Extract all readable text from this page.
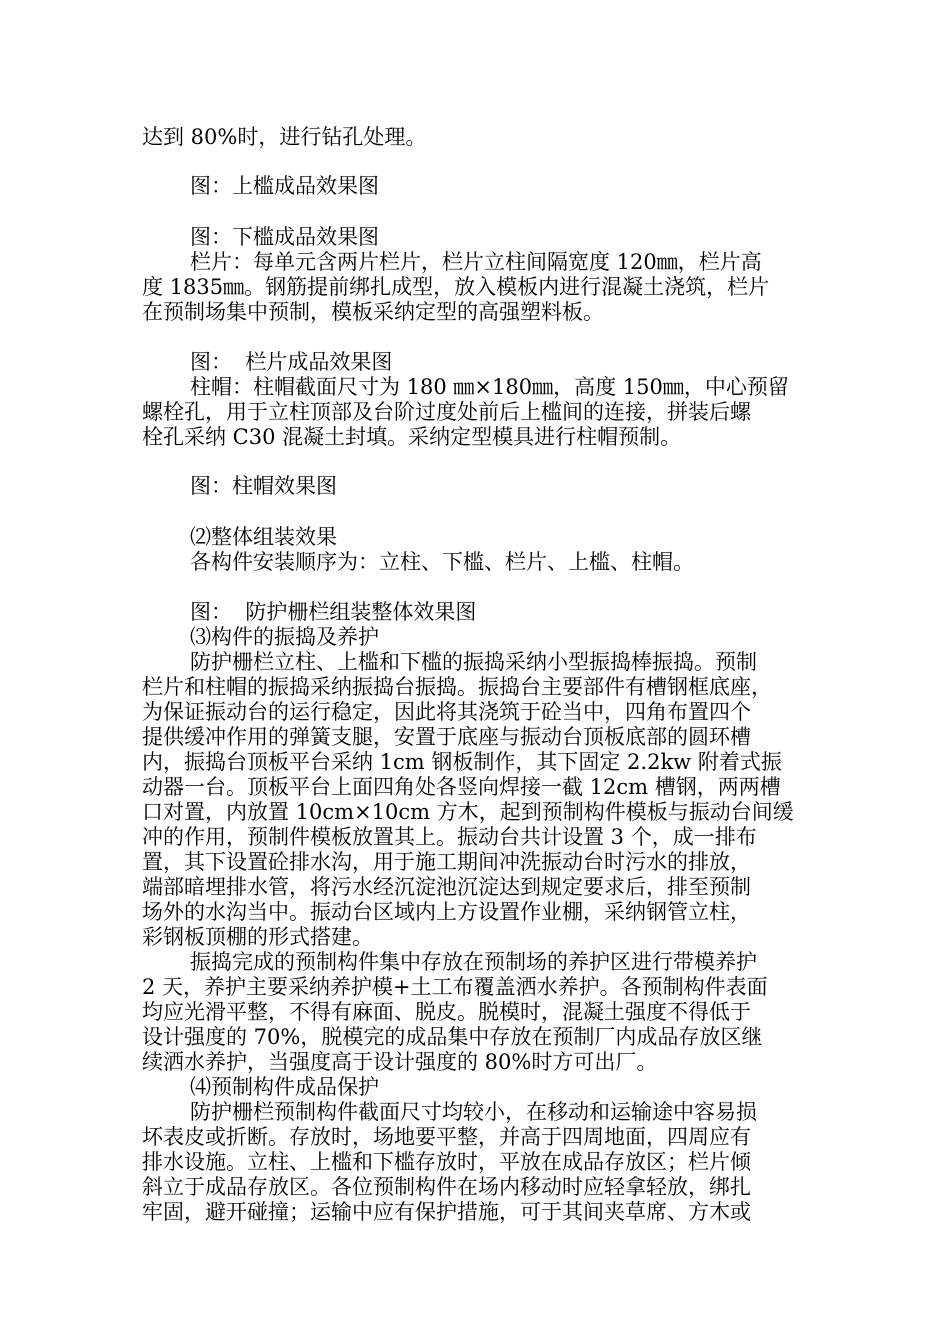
达到 80%时，进行钻孔处理。
图：上槛成品效果图
图：下槛成品效果图
栏片：每单元含两片栏片，栏片立柱间隔宽度 120㎜，栏片高
度 1835㎜。钢筋提前绑扎成型，放入模板内进行混凝土浇筑，栏片
在预制场集中预制，模板采纳定型的高强塑料板。
图：  栏片成品效果图
柱帽：柱帽截面尺寸为 180 ㎜×180㎜，高度 150㎜，中心预留
螺栓孔，用于立柱顶部及台阶过度处前后上槛间的连接，拼装后螺
栓孔采纳 C30 混凝土封填。采纳定型模具进行柱帽预制。
图：柱帽效果图
⑵整体组装效果
各构件安装顺序为：立柱、下槛、栏片、上槛、柱帽。
图：  防护栅栏组装整体效果图
⑶构件的振捣及养护
防护栅栏立柱、上槛和下槛的振捣采纳小型振捣棒振捣。预制
栏片和柱帽的振捣采纳振捣台振捣。振捣台主要部件有槽钢框底座，
为保证振动台的运行稳定，因此将其浇筑于砼当中，四角布置四个
提供缓冲作用的弹簧支腿，安置于底座与振动台顶板底部的圆环槽
内，振捣台顶板平台采纳 1cm 钢板制作，其下固定 2.2kw 附着式振
动器一台。顶板平台上面四角处各竖向焊接一截 12cm 槽钢，两两槽
口对置，内放置 10cm×10cm 方木，起到预制构件模板与振动台间缓
冲的作用，预制件模板放置其上。振动台共计设置 3 个，成一排布
置，其下设置砼排水沟，用于施工期间冲洗振动台时污水的排放，
端部暗埋排水管，将污水经沉淀池沉淀达到规定要求后，排至预制
场外的水沟当中。振动台区域内上方设置作业棚，采纳钢管立柱，
彩钢板顶棚的形式搭建。
振捣完成的预制构件集中存放在预制场的养护区进行带模养护
2 天，养护主要采纳养护模+土工布覆盖洒水养护。各预制构件表面
均应光滑平整，不得有麻面、脱皮。脱模时，混凝土强度不得低于
设计强度的 70%，脱模完的成品集中存放在预制厂内成品存放区继
续洒水养护，当强度高于设计强度的 80%时方可出厂。
⑷预制构件成品保护
防护栅栏预制构件截面尺寸均较小，在移动和运输途中容易损
坏表皮或折断。存放时，场地要平整，并高于四周地面，四周应有
排水设施。立柱、上槛和下槛存放时，平放在成品存放区；栏片倾
斜立于成品存放区。各位预制构件在场内移动时应轻拿轻放，绑扎
牢固，避开碰撞；运输中应有保护措施，可于其间夹草席、方木或
